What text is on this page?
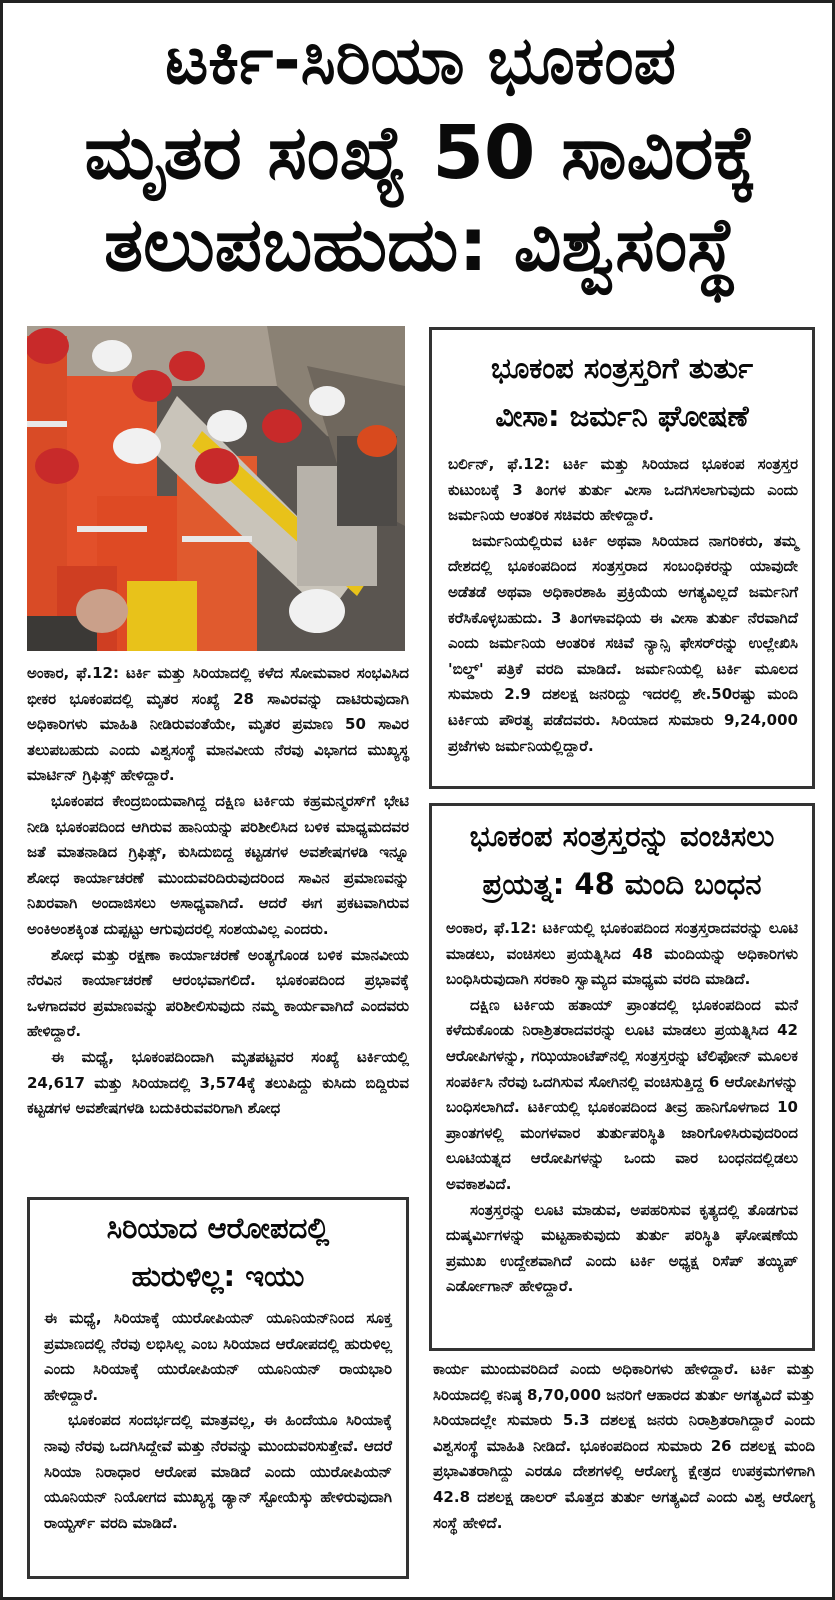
ಟರ್ಕಿ-ಸಿರಿಯಾ ಭೂಕಂಪ
ಮೃತರ ಸಂಖ್ಯೆ 50 ಸಾವಿರಕ್ಕೆ
ತಲುಪಬಹುದು: ವಿಶ್ವಸಂಸ್ಥೆ

ಅಂಕಾರ, ಫೆ.12: ಟರ್ಕಿ ಮತ್ತು ಸಿರಿಯಾದಲ್ಲಿ ಕಳೆದ ಸೋಮವಾರ ಸಂಭವಿಸಿದ ಭೀಕರ ಭೂಕಂಪದಲ್ಲಿ ಮೃತರ ಸಂಖ್ಯೆ 28 ಸಾವಿರವನ್ನು ದಾಟಿರುವುದಾಗಿ ಅಧಿಕಾರಿಗಳು ಮಾಹಿತಿ ನೀಡಿರುವಂತೆಯೇ, ಮೃತರ ಪ್ರಮಾಣ 50 ಸಾವಿರ ತಲುಪಬಹುದು ಎಂದು ವಿಶ್ವಸಂಸ್ಥೆ ಮಾನವೀಯ ನೆರವು ವಿಭಾಗದ ಮುಖ್ಯಸ್ಥ ಮಾರ್ಟಿನ್ ಗ್ರಿಫಿತ್ಸ್ ಹೇಳಿದ್ದಾರೆ.

ಭೂಕಂಪದ ಕೇಂದ್ರಬಿಂದುವಾಗಿದ್ದ ದಕ್ಷಿಣ ಟರ್ಕಿಯ ಕಹ್ರಮನ್ಮರಸ್‌ಗೆ ಭೇಟಿ ನೀಡಿ ಭೂಕಂಪದಿಂದ ಆಗಿರುವ ಹಾನಿಯನ್ನು ಪರಿಶೀಲಿಸಿದ ಬಳಿಕ ಮಾಧ್ಯಮದವರ ಜತೆ ಮಾತನಾಡಿದ ಗ್ರಿಫಿತ್ಸ್, ಕುಸಿದುಬಿದ್ದ ಕಟ್ಟಡಗಳ ಅವಶೇಷಗಳಡಿ ಇನ್ನೂ ಶೋಧ ಕಾರ್ಯಾಚರಣೆ ಮುಂದುವರಿದಿರುವುದರಿಂದ ಸಾವಿನ ಪ್ರಮಾಣವನ್ನು ನಿಖರವಾಗಿ ಅಂದಾಜಿಸಲು ಅಸಾಧ್ಯವಾಗಿದೆ. ಆದರೆ ಈಗ ಪ್ರಕಟವಾಗಿರುವ ಅಂಕಿಅಂಶಕ್ಕಿಂತ ದುಪ್ಪಟ್ಟು ಆಗುವುದರಲ್ಲಿ ಸಂಶಯವಿಲ್ಲ ಎಂದರು.

ಶೋಧ ಮತ್ತು ರಕ್ಷಣಾ ಕಾರ್ಯಾಚರಣೆ ಅಂತ್ಯಗೊಂಡ ಬಳಿಕ ಮಾನವೀಯ ನೆರವಿನ ಕಾರ್ಯಾಚರಣೆ ಆರಂಭವಾಗಲಿದೆ. ಭೂಕಂಪದಿಂದ ಪ್ರಭಾವಕ್ಕೆ ಒಳಗಾದವರ ಪ್ರಮಾಣವನ್ನು ಪರಿಶೀಲಿಸುವುದು ನಮ್ಮ ಕಾರ್ಯವಾಗಿದೆ ಎಂದವರು ಹೇಳಿದ್ದಾರೆ.

ಈ ಮಧ್ಯೆ, ಭೂಕಂಪದಿಂದಾಗಿ ಮೃತಪಟ್ಟವರ ಸಂಖ್ಯೆ ಟರ್ಕಿಯಲ್ಲಿ 24,617 ಮತ್ತು ಸಿರಿಯಾದಲ್ಲಿ 3,574ಕ್ಕೆ ತಲುಪಿದ್ದು ಕುಸಿದು ಬಿದ್ದಿರುವ ಕಟ್ಟಡಗಳ ಅವಶೇಷಗಳಡಿ ಬದುಕಿರುವವರಿಗಾಗಿ ಶೋಧ

ಭೂಕಂಪ ಸಂತ್ರಸ್ತರಿಗೆ ತುರ್ತು
ವೀಸಾ: ಜರ್ಮನಿ ಘೋಷಣೆ

ಬರ್ಲಿನ್, ಫೆ.12: ಟರ್ಕಿ ಮತ್ತು ಸಿರಿಯಾದ ಭೂಕಂಪ ಸಂತ್ರಸ್ತರ ಕುಟುಂಬಕ್ಕೆ 3 ತಿಂಗಳ ತುರ್ತು ವೀಸಾ ಒದಗಿಸಲಾಗುವುದು ಎಂದು ಜರ್ಮನಿಯ ಆಂತರಿಕ ಸಚಿವರು ಹೇಳಿದ್ದಾರೆ.

ಜರ್ಮನಿಯಲ್ಲಿರುವ ಟರ್ಕಿ ಅಥವಾ ಸಿರಿಯಾದ ನಾಗರಿಕರು, ತಮ್ಮ ದೇಶದಲ್ಲಿ ಭೂಕಂಪದಿಂದ ಸಂತ್ರಸ್ತರಾದ ಸಂಬಂಧಿಕರನ್ನು ಯಾವುದೇ ಅಡೆತಡೆ ಅಥವಾ ಅಧಿಕಾರಶಾಹಿ ಪ್ರಕ್ರಿಯೆಯ ಅಗತ್ಯವಿಲ್ಲದೆ ಜರ್ಮನಿಗೆ ಕರೆಸಿಕೊಳ್ಳಬಹುದು. 3 ತಿಂಗಳಾವಧಿಯ ಈ ವೀಸಾ ತುರ್ತು ನೆರವಾಗಿದೆ ಎಂದು ಜರ್ಮನಿಯ ಆಂತರಿಕ ಸಚಿವೆ ನ್ಯಾನ್ಸಿ ಫೇಸರ್‌ರನ್ನು ಉಲ್ಲೇಖಿಸಿ 'ಬಿಲ್ಡ್' ಪತ್ರಿಕೆ ವರದಿ ಮಾಡಿದೆ. ಜರ್ಮನಿಯಲ್ಲಿ ಟರ್ಕಿ ಮೂಲದ ಸುಮಾರು 2.9 ದಶಲಕ್ಷ ಜನರಿದ್ದು ಇದರಲ್ಲಿ ಶೇ.50ರಷ್ಟು ಮಂದಿ ಟರ್ಕಿಯ ಪೌರತ್ವ ಪಡೆದವರು. ಸಿರಿಯಾದ ಸುಮಾರು 9,24,000 ಪ್ರಜೆಗಳು ಜರ್ಮನಿಯಲ್ಲಿದ್ದಾರೆ.

ಭೂಕಂಪ ಸಂತ್ರಸ್ತರನ್ನು ವಂಚಿಸಲು
ಪ್ರಯತ್ನ: 48 ಮಂದಿ ಬಂಧನ

ಅಂಕಾರ, ಫೆ.12: ಟರ್ಕಿಯಲ್ಲಿ ಭೂಕಂಪದಿಂದ ಸಂತ್ರಸ್ತರಾದವರನ್ನು ಲೂಟಿ ಮಾಡಲು, ವಂಚಿಸಲು ಪ್ರಯತ್ನಿಸಿದ 48 ಮಂದಿಯನ್ನು ಅಧಿಕಾರಿಗಳು ಬಂಧಿಸಿರುವುದಾಗಿ ಸರಕಾರಿ ಸ್ವಾಮ್ಯದ ಮಾಧ್ಯಮ ವರದಿ ಮಾಡಿದೆ.

ದಕ್ಷಿಣ ಟರ್ಕಿಯ ಹತಾಯ್ ಪ್ರಾಂತದಲ್ಲಿ ಭೂಕಂಪದಿಂದ ಮನೆ ಕಳೆದುಕೊಂಡು ನಿರಾಶ್ರಿತರಾದವರನ್ನು ಲೂಟಿ ಮಾಡಲು ಪ್ರಯತ್ನಿಸಿದ 42 ಆರೋಪಿಗಳನ್ನು, ಗಝಿಯಾಂಟೆಪ್‌ನಲ್ಲಿ ಸಂತ್ರಸ್ತರನ್ನು ಟೆಲಿಫೋನ್ ಮೂಲಕ ಸಂಪರ್ಕಿಸಿ ನೆರವು ಒದಗಿಸುವ ಸೋಗಿನಲ್ಲಿ ವಂಚಿಸುತ್ತಿದ್ದ 6 ಆರೋಪಿಗಳನ್ನು ಬಂಧಿಸಲಾಗಿದೆ. ಟರ್ಕಿಯಲ್ಲಿ ಭೂಕಂಪದಿಂದ ತೀವ್ರ ಹಾನಿಗೊಳಗಾದ 10 ಪ್ರಾಂತಗಳಲ್ಲಿ ಮಂಗಳವಾರ ತುರ್ತುಪರಿಸ್ಥಿತಿ ಜಾರಿಗೊಳಿಸಿರುವುದರಿಂದ ಲೂಟಿಯತ್ನದ ಆರೋಪಿಗಳನ್ನು ಒಂದು ವಾರ ಬಂಧನದಲ್ಲಿಡಲು ಅವಕಾಶವಿದೆ.

ಸಂತ್ರಸ್ತರನ್ನು ಲೂಟಿ ಮಾಡುವ, ಅಪಹರಿಸುವ ಕೃತ್ಯದಲ್ಲಿ ತೊಡಗುವ ದುಷ್ಕರ್ಮಿಗಳನ್ನು ಮಟ್ಟಹಾಕುವುದು ತುರ್ತು ಪರಿಸ್ಥಿತಿ ಘೋಷಣೆಯ ಪ್ರಮುಖ ಉದ್ದೇಶವಾಗಿದೆ ಎಂದು ಟರ್ಕಿ ಅಧ್ಯಕ್ಷ ರಿಸೆಪ್ ತಯ್ಯಿಪ್ ಎರ್ಡೋಗಾನ್ ಹೇಳಿದ್ದಾರೆ.

ಸಿರಿಯಾದ ಆರೋಪದಲ್ಲಿ
ಹುರುಳಿಲ್ಲ: ಇಯು

ಈ ಮಧ್ಯೆ, ಸಿರಿಯಾಕ್ಕೆ ಯುರೋಪಿಯನ್ ಯೂನಿಯನ್‌ನಿಂದ ಸೂಕ್ತ ಪ್ರಮಾಣದಲ್ಲಿ ನೆರವು ಲಭಿಸಿಲ್ಲ ಎಂಬ ಸಿರಿಯಾದ ಆರೋಪದಲ್ಲಿ ಹುರುಳಿಲ್ಲ ಎಂದು ಸಿರಿಯಾಕ್ಕೆ ಯುರೋಪಿಯನ್ ಯೂನಿಯನ್ ರಾಯಭಾರಿ ಹೇಳಿದ್ದಾರೆ.

ಭೂಕಂಪದ ಸಂದರ್ಭದಲ್ಲಿ ಮಾತ್ರವಲ್ಲ, ಈ ಹಿಂದೆಯೂ ಸಿರಿಯಾಕ್ಕೆ ನಾವು ನೆರವು ಒದಗಿಸಿದ್ದೇವೆ ಮತ್ತು ನೆರವನ್ನು ಮುಂದುವರಿಸುತ್ತೇವೆ. ಆದರೆ ಸಿರಿಯಾ ನಿರಾಧಾರ ಆರೋಪ ಮಾಡಿದೆ ಎಂದು ಯುರೋಪಿಯನ್ ಯೂನಿಯನ್ ನಿಯೋಗದ ಮುಖ್ಯಸ್ಥ ಡ್ಯಾನ್ ಸ್ಟೋಯೆಸ್ಕು ಹೇಳಿರುವುದಾಗಿ ರಾಯ್ಟರ್ಸ್ ವರದಿ ಮಾಡಿದೆ.

ಕಾರ್ಯ ಮುಂದುವರಿದಿದೆ ಎಂದು ಅಧಿಕಾರಿಗಳು ಹೇಳಿದ್ದಾರೆ. ಟರ್ಕಿ ಮತ್ತು ಸಿರಿಯಾದಲ್ಲಿ ಕನಿಷ್ಠ 8,70,000 ಜನರಿಗೆ ಆಹಾರದ ತುರ್ತು ಅಗತ್ಯವಿದೆ ಮತ್ತು ಸಿರಿಯಾದಲ್ಲೇ ಸುಮಾರು 5.3 ದಶಲಕ್ಷ ಜನರು ನಿರಾಶ್ರಿತರಾಗಿದ್ದಾರೆ ಎಂದು ವಿಶ್ವಸಂಸ್ಥೆ ಮಾಹಿತಿ ನೀಡಿದೆ. ಭೂಕಂಪದಿಂದ ಸುಮಾರು 26 ದಶಲಕ್ಷ ಮಂದಿ ಪ್ರಭಾವಿತರಾಗಿದ್ದು ಎರಡೂ ದೇಶಗಳಲ್ಲಿ ಆರೋಗ್ಯ ಕ್ಷೇತ್ರದ ಉಪಕ್ರಮಗಳಿಗಾಗಿ 42.8 ದಶಲಕ್ಷ ಡಾಲರ್ ಮೊತ್ತದ ತುರ್ತು ಅಗತ್ಯವಿದೆ ಎಂದು ವಿಶ್ವ ಆರೋಗ್ಯ ಸಂಸ್ಥೆ ಹೇಳಿದೆ.
